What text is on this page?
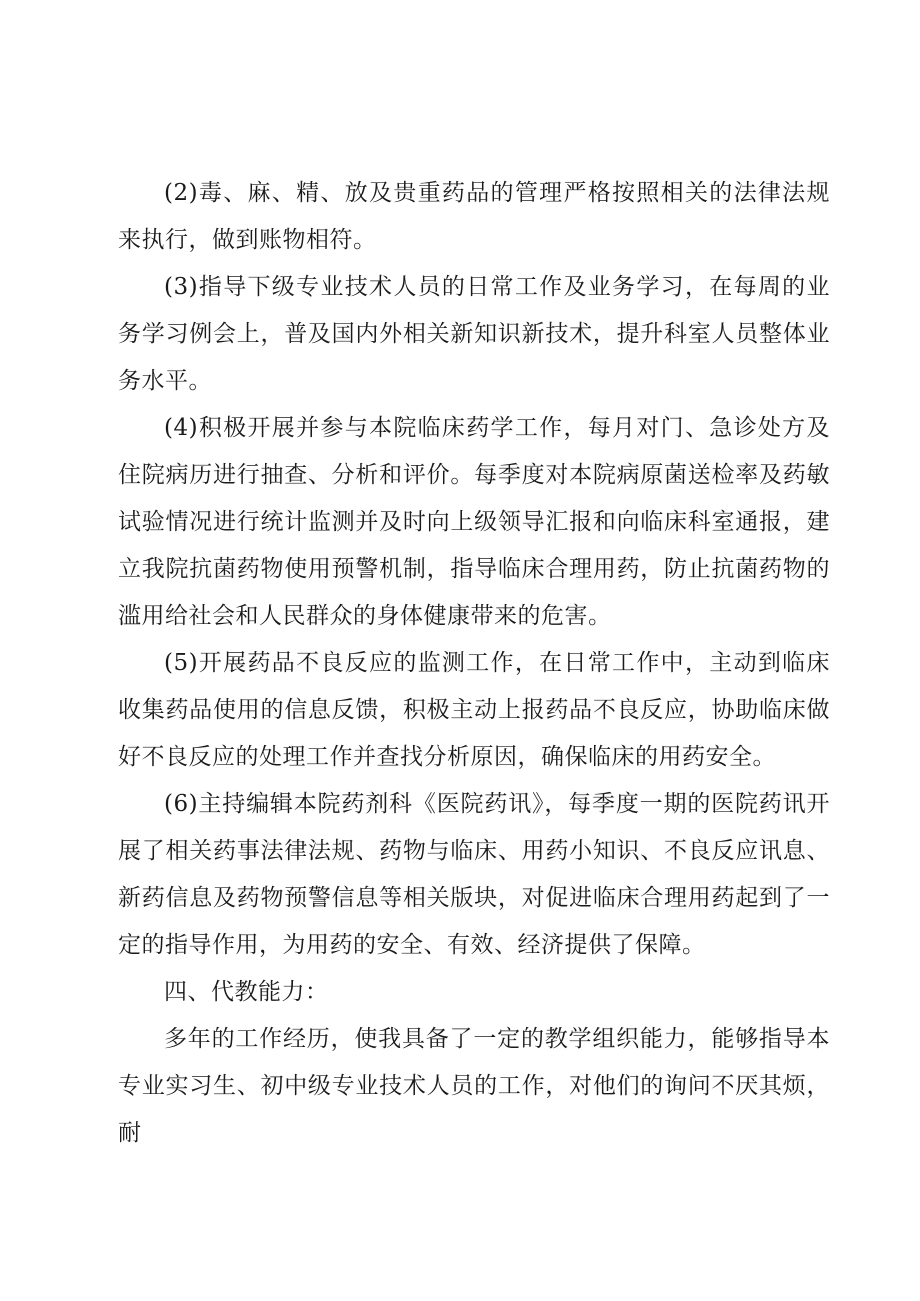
(2)毒、麻、精、放及贵重药品的管理严格按照相关的法律法规来执行，做到账物相符。

(3)指导下级专业技术人员的日常工作及业务学习，在每周的业务学习例会上，普及国内外相关新知识新技术，提升科室人员整体业务水平。

(4)积极开展并参与本院临床药学工作，每月对门、急诊处方及住院病历进行抽查、分析和评价。每季度对本院病原菌送检率及药敏试验情况进行统计监测并及时向上级领导汇报和向临床科室通报，建立我院抗菌药物使用预警机制，指导临床合理用药，防止抗菌药物的滥用给社会和人民群众的身体健康带来的危害。

(5)开展药品不良反应的监测工作，在日常工作中，主动到临床收集药品使用的信息反馈，积极主动上报药品不良反应，协助临床做好不良反应的处理工作并查找分析原因，确保临床的用药安全。

(6)主持编辑本院药剂科《医院药讯》，每季度一期的医院药讯开展了相关药事法律法规、药物与临床、用药小知识、不良反应讯息、新药信息及药物预警信息等相关版块，对促进临床合理用药起到了一定的指导作用，为用药的安全、有效、经济提供了保障。

四、代教能力：

多年的工作经历，使我具备了一定的教学组织能力，能够指导本专业实习生、初中级专业技术人员的工作，对他们的询问不厌其烦，耐
